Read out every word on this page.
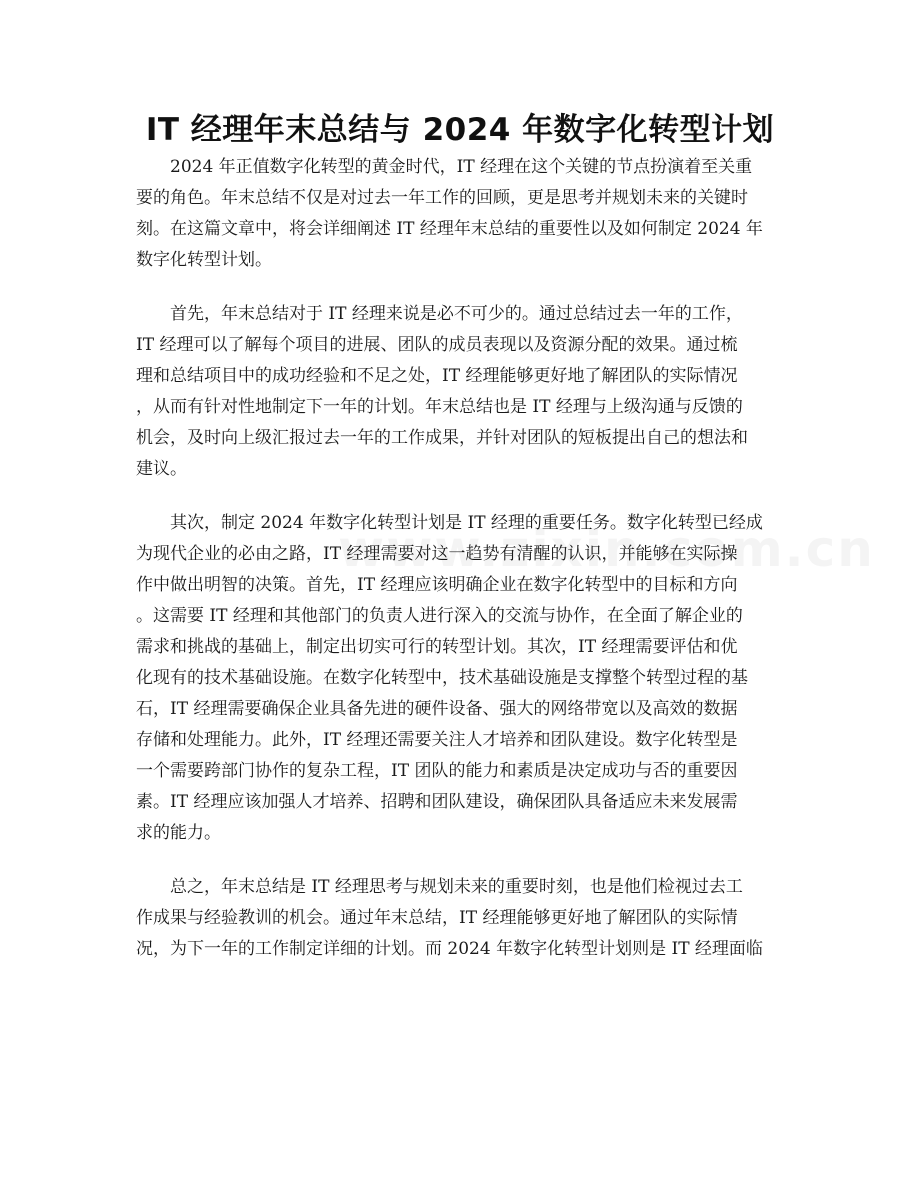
IT 经理年末总结与 2024 年数字化转型计划
2024 年正值数字化转型的黄金时代，IT 经理在这个关键的节点扮演着至关重
要的角色。年末总结不仅是对过去一年工作的回顾，更是思考并规划未来的关键时
刻。在这篇文章中，将会详细阐述 IT 经理年末总结的重要性以及如何制定 2024 年
数字化转型计划。
首先，年末总结对于 IT 经理来说是必不可少的。通过总结过去一年的工作，
IT 经理可以了解每个项目的进展、团队的成员表现以及资源分配的效果。通过梳
理和总结项目中的成功经验和不足之处，IT 经理能够更好地了解团队的实际情况
，从而有针对性地制定下一年的计划。年末总结也是 IT 经理与上级沟通与反馈的
机会，及时向上级汇报过去一年的工作成果，并针对团队的短板提出自己的想法和
建议。
其次，制定 2024 年数字化转型计划是 IT 经理的重要任务。数字化转型已经成
为现代企业的必由之路，IT 经理需要对这一趋势有清醒的认识，并能够在实际操
作中做出明智的决策。首先，IT 经理应该明确企业在数字化转型中的目标和方向
。这需要 IT 经理和其他部门的负责人进行深入的交流与协作，在全面了解企业的
需求和挑战的基础上，制定出切实可行的转型计划。其次，IT 经理需要评估和优
化现有的技术基础设施。在数字化转型中，技术基础设施是支撑整个转型过程的基
石，IT 经理需要确保企业具备先进的硬件设备、强大的网络带宽以及高效的数据
存储和处理能力。此外，IT 经理还需要关注人才培养和团队建设。数字化转型是
一个需要跨部门协作的复杂工程，IT 团队的能力和素质是决定成功与否的重要因
素。IT 经理应该加强人才培养、招聘和团队建设，确保团队具备适应未来发展需
求的能力。
总之，年末总结是 IT 经理思考与规划未来的重要时刻，也是他们检视过去工
作成果与经验教训的机会。通过年末总结，IT 经理能够更好地了解团队的实际情
况，为下一年的工作制定详细的计划。而 2024 年数字化转型计划则是 IT 经理面临
